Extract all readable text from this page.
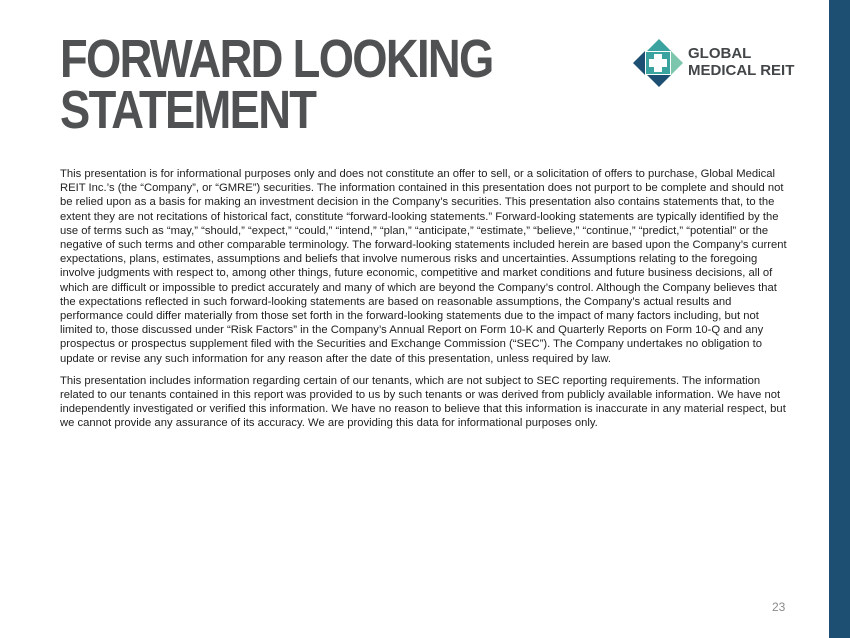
FORWARD LOOKING
STATEMENT
GLOBAL
MEDICAL REIT

This presentation is for informational purposes only and does not constitute an offer to sell, or a solicitation of offers to purchase, Global Medical REIT Inc.’s (the “Company”, or “GMRE”) securities. The information contained in this presentation does not purport to be complete and should not be relied upon as a basis for making an investment decision in the Company’s securities. This presentation also contains statements that, to the extent they are not recitations of historical fact, constitute “forward-looking statements.” Forward-looking statements are typically identified by the use of terms such as “may,” “should,” “expect,” “could,” “intend,” “plan,” “anticipate,” “estimate,” “believe,” “continue,” “predict,” “potential” or the negative of such terms and other comparable terminology. The forward-looking statements included herein are based upon the Company’s current expectations, plans, estimates, assumptions and beliefs that involve numerous risks and uncertainties. Assumptions relating to the foregoing involve judgments with respect to, among other things, future economic, competitive and market conditions and future business decisions, all of which are difficult or impossible to predict accurately and many of which are beyond the Company’s control. Although the Company believes that the expectations reflected in such forward-looking statements are based on reasonable assumptions, the Company’s actual results and performance could differ materially from those set forth in the forward-looking statements due to the impact of many factors including, but not limited to, those discussed under “Risk Factors” in the Company’s Annual Report on Form 10-K and Quarterly Reports on Form 10-Q and any prospectus or prospectus supplement filed with the Securities and Exchange Commission (“SEC”). The Company undertakes no obligation to update or revise any such information for any reason after the date of this presentation, unless required by law.

This presentation includes information regarding certain of our tenants, which are not subject to SEC reporting requirements. The information related to our tenants contained in this report was provided to us by such tenants or was derived from publicly available information. We have not independently investigated or verified this information. We have no reason to believe that this information is inaccurate in any material respect, but we cannot provide any assurance of its accuracy. We are providing this data for informational purposes only.

23
